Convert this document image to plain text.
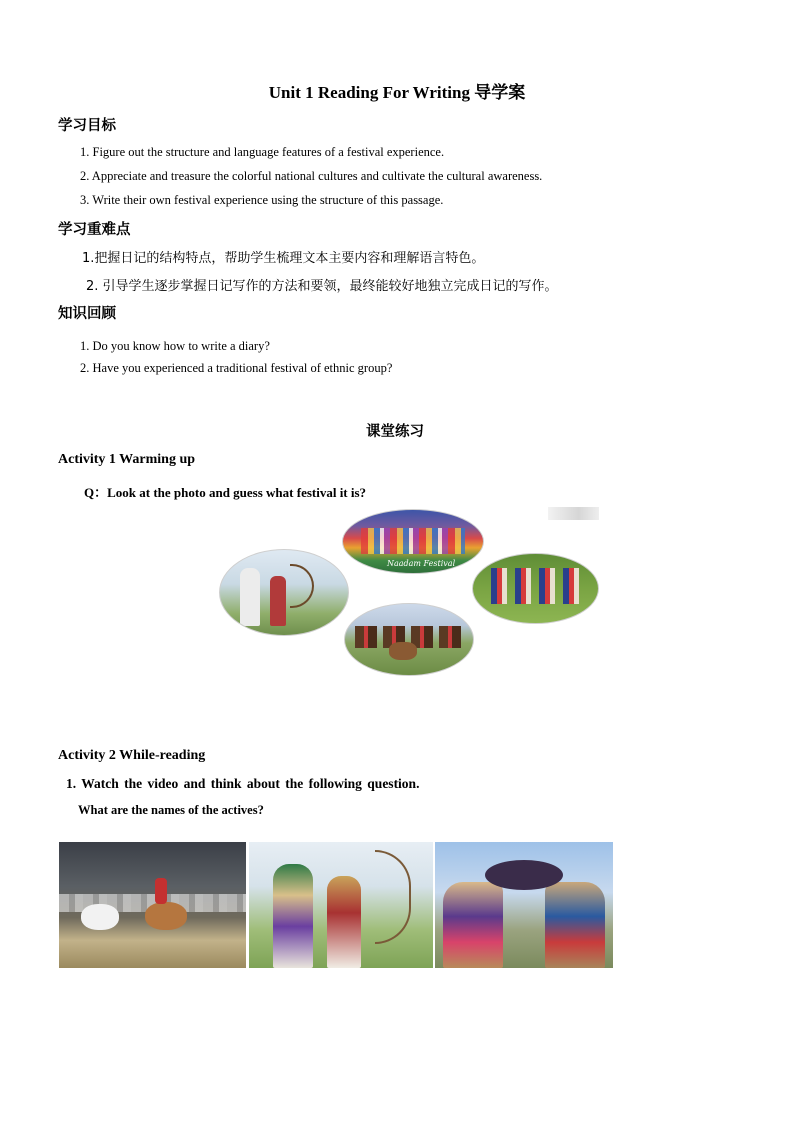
Unit 1 Reading For Writing 导学案
学习目标
1. Figure out the structure and language features of a festival experience.
2. Appreciate and treasure the colorful national cultures and cultivate the cultural awareness.
3. Write their own festival experience using the structure of this passage.
学习重难点
1.把握日记的结构特点，帮助学生梳理文本主要内容和理解语言特色。
2. 引导学生逐步掌握日记写作的方法和要领，最终能较好地独立完成日记的写作。
知识回顾
1. Do you know how to write a diary?
2. Have you experienced a traditional festival of ethnic group?
课堂练习
Activity 1 Warming up
Q：Look at the photo and guess what festival it is?
Naadam Festival
Activity 2 While-reading
1. Watch the video and think about the following question.
What are the names of the actives?
